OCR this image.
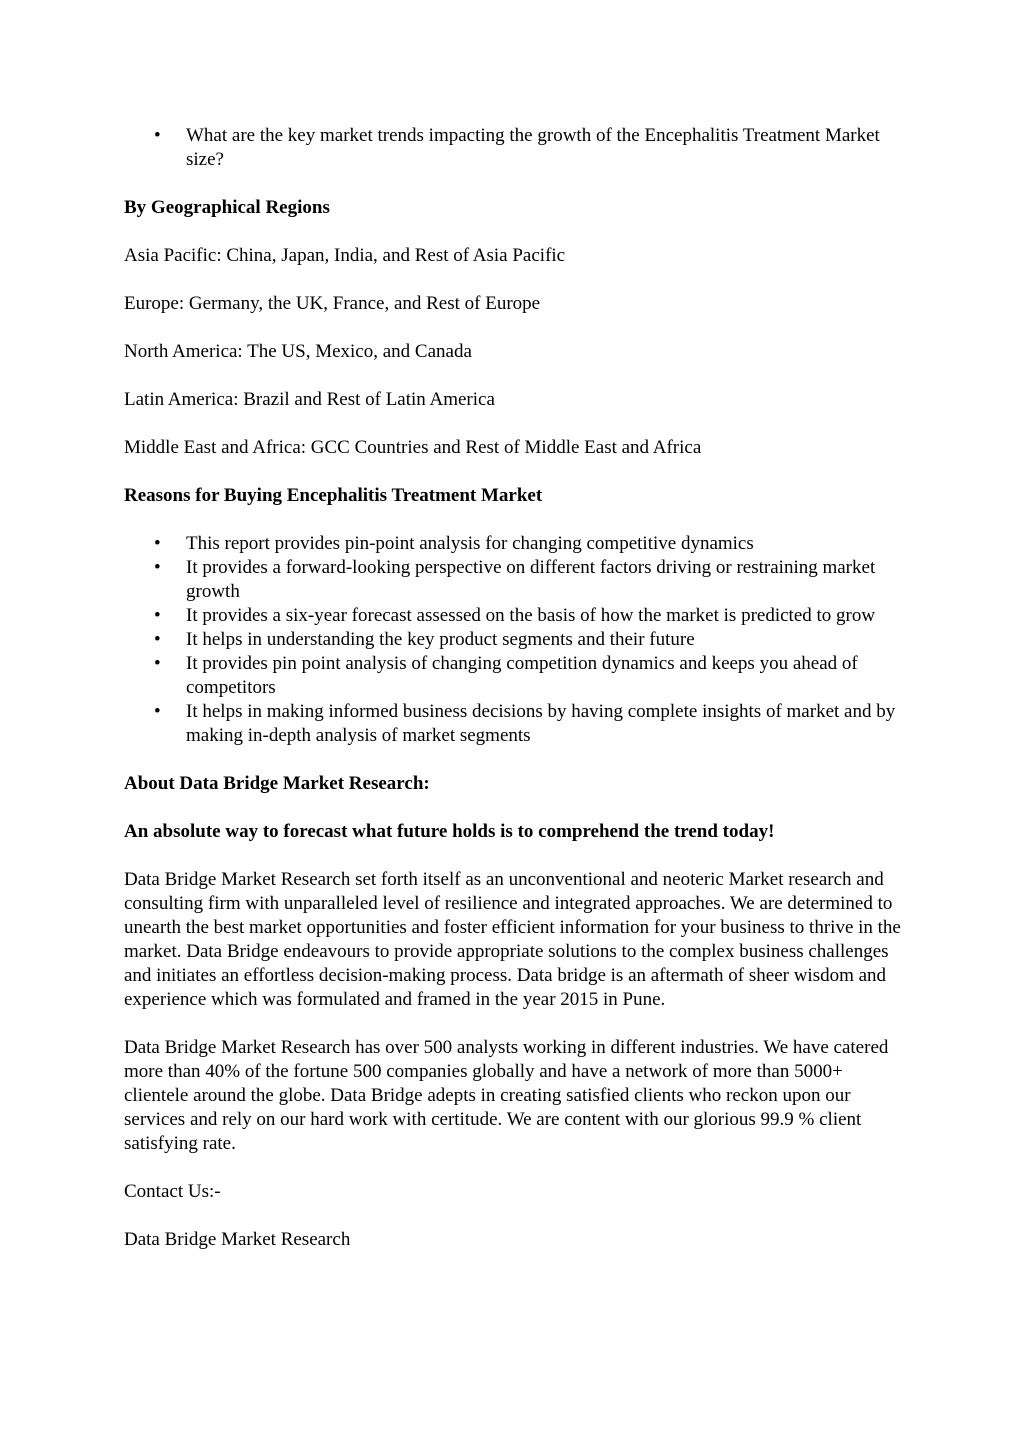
• What are the key market trends impacting the growth of the Encephalitis Treatment Market size?

By Geographical Regions

Asia Pacific: China, Japan, India, and Rest of Asia Pacific

Europe: Germany, the UK, France, and Rest of Europe

North America: The US, Mexico, and Canada

Latin America: Brazil and Rest of Latin America

Middle East and Africa: GCC Countries and Rest of Middle East and Africa

Reasons for Buying Encephalitis Treatment Market

• This report provides pin-point analysis for changing competitive dynamics
• It provides a forward-looking perspective on different factors driving or restraining market growth
• It provides a six-year forecast assessed on the basis of how the market is predicted to grow
• It helps in understanding the key product segments and their future
• It provides pin point analysis of changing competition dynamics and keeps you ahead of competitors
• It helps in making informed business decisions by having complete insights of market and by making in-depth analysis of market segments

About Data Bridge Market Research:

An absolute way to forecast what future holds is to comprehend the trend today!

Data Bridge Market Research set forth itself as an unconventional and neoteric Market research and consulting firm with unparalleled level of resilience and integrated approaches. We are determined to unearth the best market opportunities and foster efficient information for your business to thrive in the market. Data Bridge endeavours to provide appropriate solutions to the complex business challenges and initiates an effortless decision-making process. Data bridge is an aftermath of sheer wisdom and experience which was formulated and framed in the year 2015 in Pune.

Data Bridge Market Research has over 500 analysts working in different industries. We have catered more than 40% of the fortune 500 companies globally and have a network of more than 5000+ clientele around the globe. Data Bridge adepts in creating satisfied clients who reckon upon our services and rely on our hard work with certitude. We are content with our glorious 99.9 % client satisfying rate.

Contact Us:-

Data Bridge Market Research
